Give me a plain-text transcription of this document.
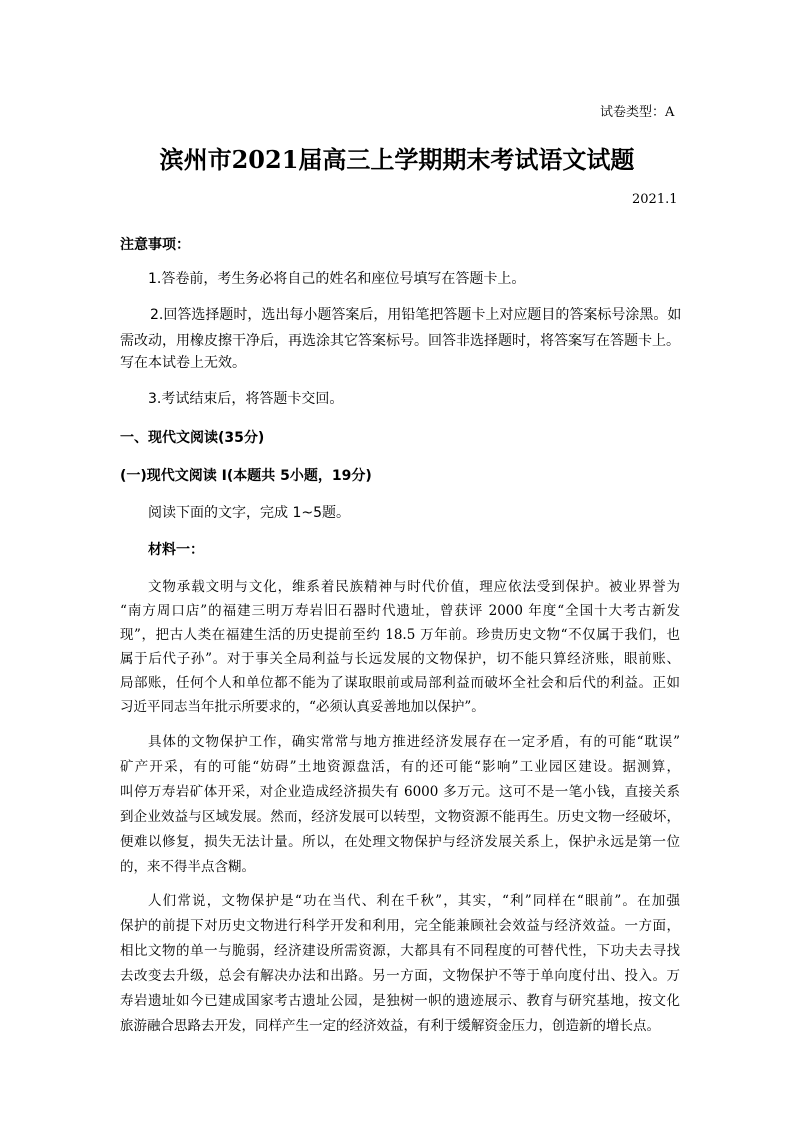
试卷类型：A

滨州市2021届高三上学期期末考试语文试题

2021.1

注意事项：

1.答卷前，考生务必将自己的姓名和座位号填写在答题卡上。

2.回答选择题时，选出每小题答案后，用铅笔把答题卡上对应题目的答案标号涂黑。如

需改动，用橡皮擦干净后，再选涂其它答案标号。回答非选择题时，将答案写在答题卡上。

写在本试卷上无效。

3.考试结束后，将答题卡交回。

一、现代文阅读(35分)

(一)现代文阅读 I(本题共 5小题，19分)

阅读下面的文字，完成 1~5题。

材料一：

文物承载文明与文化，维系着民族精神与时代价值，理应依法受到保护。被业界誉为

“南方周口店”的福建三明万寿岩旧石器时代遗址，曾获评 2000 年度“全国十大考古新发

现”，把古人类在福建生活的历史提前至约 18.5 万年前。珍贵历史文物“不仅属于我们，也

属于后代子孙”。对于事关全局利益与长远发展的文物保护，切不能只算经济账，眼前账、

局部账，任何个人和单位都不能为了谋取眼前或局部利益而破坏全社会和后代的利益。正如

习近平同志当年批示所要求的，“必须认真妥善地加以保护”。

具体的文物保护工作，确实常常与地方推进经济发展存在一定矛盾，有的可能“耽误”

矿产开采，有的可能“妨碍”土地资源盘活，有的还可能“影响”工业园区建设。据测算，

叫停万寿岩矿体开采，对企业造成经济损失有 6000 多万元。这可不是一笔小钱，直接关系

到企业效益与区域发展。然而，经济发展可以转型，文物资源不能再生。历史文物一经破坏，

便难以修复，损失无法计量。所以，在处理文物保护与经济发展关系上，保护永远是第一位

的，来不得半点含糊。

人们常说，文物保护是“功在当代、利在千秋”，其实，“利”同样在“眼前”。在加强

保护的前提下对历史文物进行科学开发和利用，完全能兼顾社会效益与经济效益。一方面，

相比文物的单一与脆弱，经济建设所需资源，大都具有不同程度的可替代性，下功夫去寻找

去改变去升级，总会有解决办法和出路。另一方面，文物保护不等于单向度付出、投入。万

寿岩遗址如今已建成国家考古遗址公园，是独树一帜的遗迹展示、教育与研究基地，按文化

旅游融合思路去开发，同样产生一定的经济效益，有利于缓解资金压力，创造新的增长点。
